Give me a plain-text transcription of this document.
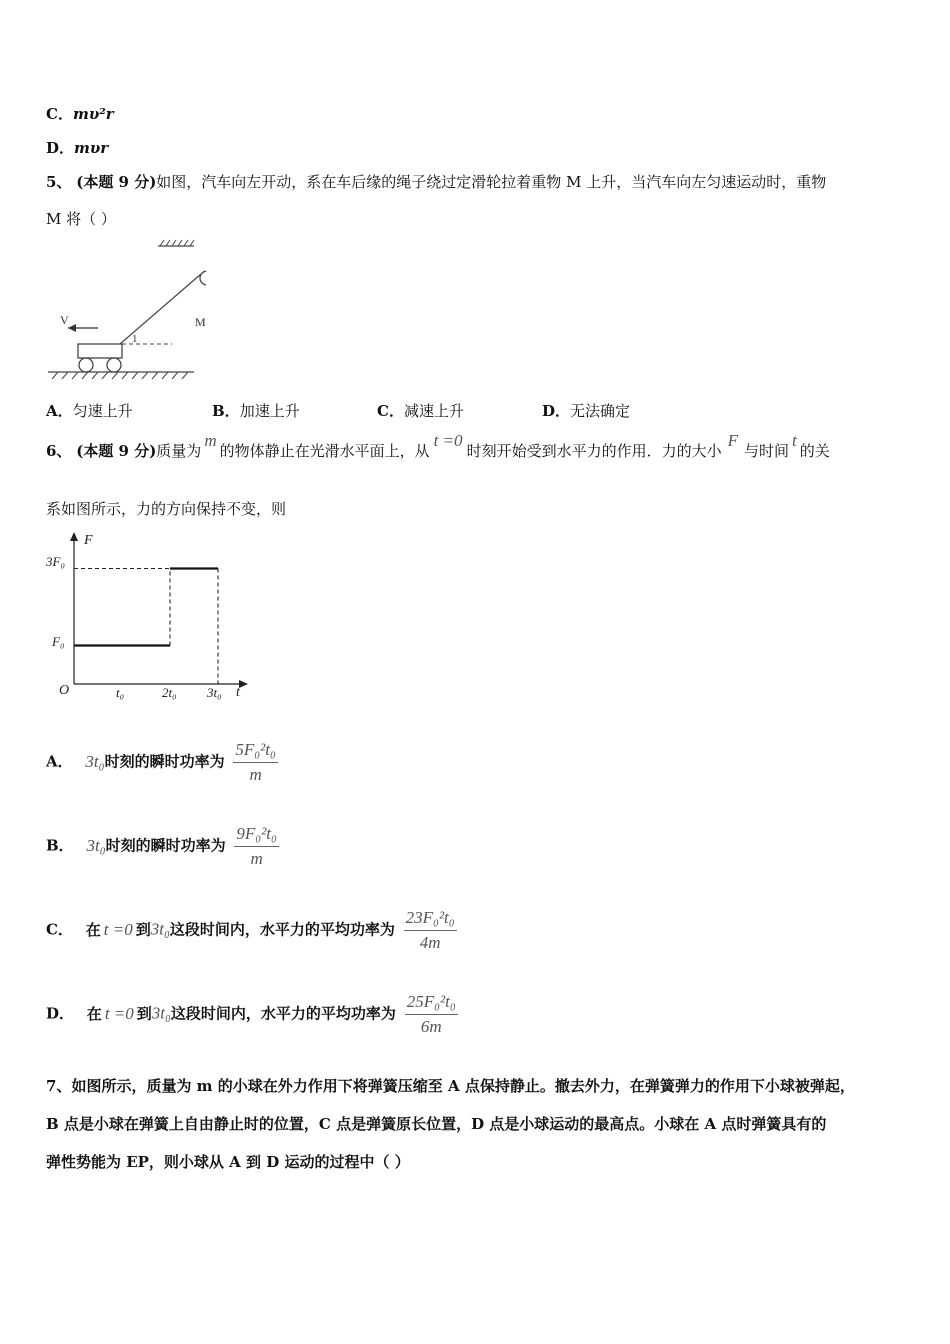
C．mυ²r
D．mυr
5、 (本题 9 分)如图，汽车向左开动，系在车后缘的绳子绕过定滑轮拉着重物 M 上升，当汽车向左匀速运动时，重物
M 将（ ）
M
V
1
A．匀速上升	B．加速上升	C．减速上升	D．无法确定
6、 (本题 9 分)质量为m的物体静止在光滑水平面上，从t =0时刻开始受到水平力的作用．力的大小F与时间t的关
系如图所示，力的方向保持不变，则
F
t
O
3F₀
F₀
t₀	2t₀ 3t₀
A． 3t₀时刻的瞬时功率为 $\frac{\text{5F₀²t₀}}{m}$
B． 3t₀时刻的瞬时功率为 $\frac{\text{9F₀²t₀}}{m}$
C． 在 t =0 到3t₀这段时间内，水平力的平均功率为 $\frac{\text{23F₀²t₀}}{4m}$
D． 在 t =0 到3t₀这段时间内，水平力的平均功率为 $\frac{\text{25F₀²t₀}}{6m}$
7、如图所示，质量为 m 的小球在外力作用下将弹簧压缩至 A 点保持静止。撤去外力，在弹簧弹力的作用下小球被弹起，
B 点是小球在弹簧上自由静止时的位置，C 点是弹簧原长位置，D 点是小球运动的最高点。小球在 A 点时弹簧具有的
弹性势能为 EP，则小球从 A 到 D 运动的过程中（ ）
